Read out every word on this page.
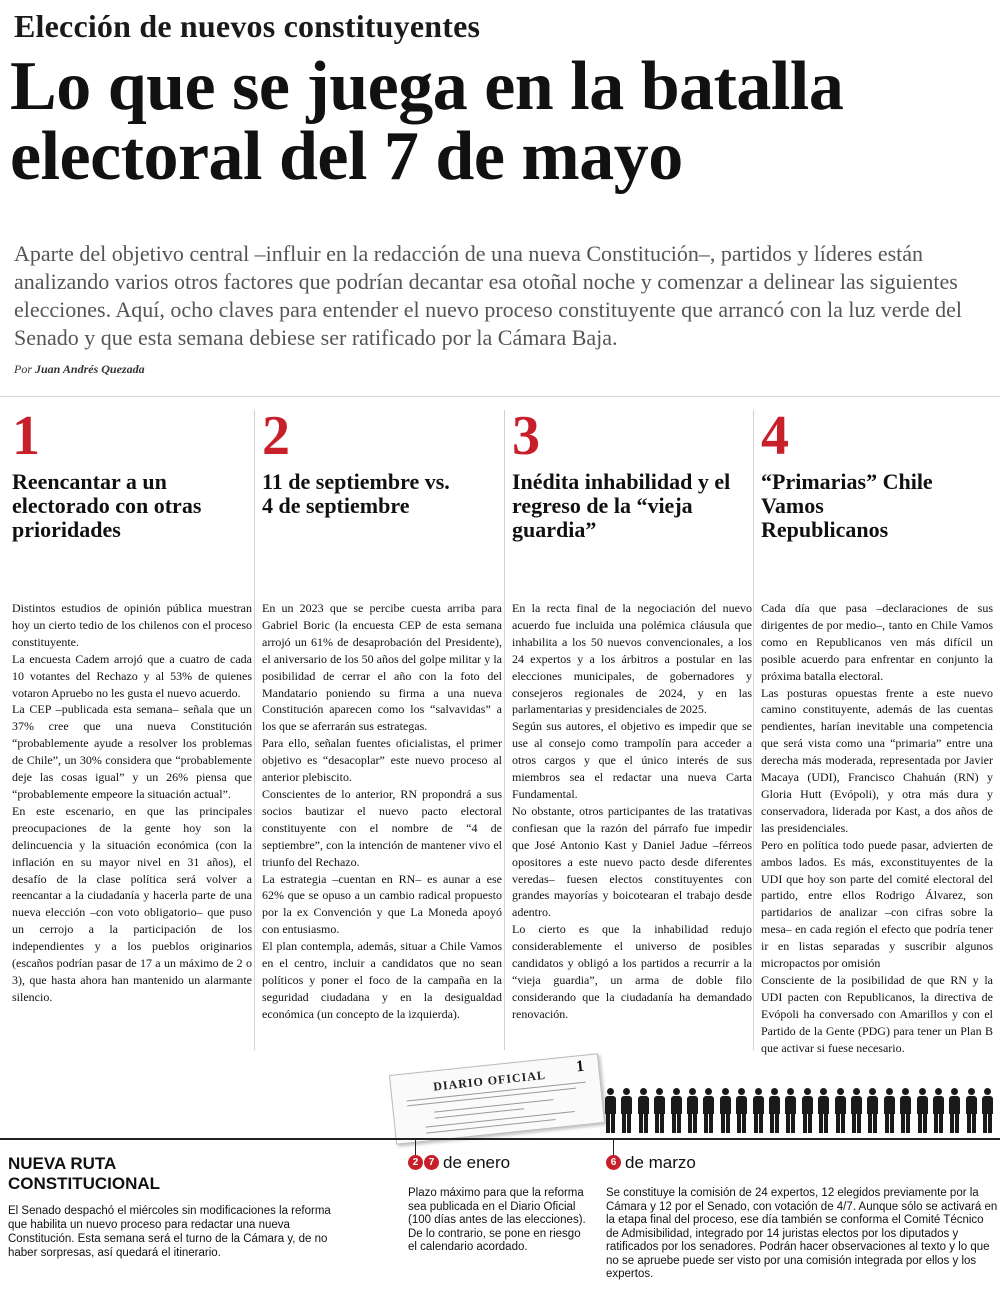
Elección de nuevos constituyentes
Lo que se juega en la batalla electoral del 7 de mayo

Aparte del objetivo central –influir en la redacción de una nueva Constitución–, partidos y líderes están analizando varios otros factores que podrían decantar esa otoñal noche y comenzar a delinear las siguientes elecciones. Aquí, ocho claves para entender el nuevo proceso constituyente que arrancó con la luz verde del Senado y que esta semana debiese ser ratificado por la Cámara Baja.

Por Juan Andrés Quezada
1
Reencantar a un electorado con otras prioridades

Distintos estudios de opinión pública muestran hoy un cierto tedio de los chilenos con el proceso constituyente.

La encuesta Cadem arrojó que a cuatro de cada 10 votantes del Rechazo y al 53% de quienes votaron Apruebo no les gusta el nuevo acuerdo.

La CEP –publicada esta semana– señala que un 37% cree que una nueva Constitución “probablemente ayude a resolver los problemas de Chile”, un 30% considera que “probablemente deje las cosas igual” y un 26% piensa que “probablemente empeore la situación actual”.

En este escenario, en que las principales preocupaciones de la gente hoy son la delincuencia y la situación económica (con la inflación en su mayor nivel en 31 años), el desafío de la clase política será volver a reencantar a la ciudadanía y hacerla parte de una nueva elección –con voto obligatorio– que puso un cerrojo a la participación de los independientes y a los pueblos originarios (escaños podrían pasar de 17 a un máximo de 2 o 3), que hasta ahora han mantenido un alarmante silencio.

2
11 de septiembre vs. 4 de septiembre

En un 2023 que se percibe cuesta arriba para Gabriel Boric (la encuesta CEP de esta semana arrojó un 61% de desaprobación del Presidente), el aniversario de los 50 años del golpe militar y la posibilidad de cerrar el año con la foto del Mandatario poniendo su firma a una nueva Constitución aparecen como los “salvavidas” a los que se aferrarán sus estrategas.

Para ello, señalan fuentes oficialistas, el primer objetivo es “desacoplar” este nuevo proceso al anterior plebiscito.

Conscientes de lo anterior, RN propondrá a sus socios bautizar el nuevo pacto electoral constituyente con el nombre de “4 de septiembre”, con la intención de mantener vivo el triunfo del Rechazo.

La estrategia –cuentan en RN– es aunar a ese 62% que se opuso a un cambio radical propuesto por la ex Convención y que La Moneda apoyó con entusiasmo.

El plan contempla, además, situar a Chile Vamos en el centro, incluir a candidatos que no sean políticos y poner el foco de la campaña en la seguridad ciudadana y en la desigualdad económica (un concepto de la izquierda).

3
Inédita inhabilidad y el regreso de la “vieja guardia”

En la recta final de la negociación del nuevo acuerdo fue incluida una polémica cláusula que inhabilita a los 50 nuevos convencionales, a los 24 expertos y a los árbitros a postular en las elecciones municipales, de gobernadores y consejeros regionales de 2024, y en las parlamentarias y presidenciales de 2025.

Según sus autores, el objetivo es impedir que se use al consejo como trampolín para acceder a otros cargos y que el único interés de sus miembros sea el redactar una nueva Carta Fundamental.

No obstante, otros participantes de las tratativas confiesan que la razón del párrafo fue impedir que José Antonio Kast y Daniel Jadue –férreos opositores a este nuevo pacto desde diferentes veredas– fuesen electos constituyentes con grandes mayorías y boicotearan el trabajo desde adentro.

Lo cierto es que la inhabilidad redujo considerablemente el universo de posibles candidatos y obligó a los partidos a recurrir a la “vieja guardia”, un arma de doble filo considerando que la ciudadanía ha demandado renovación.

4
“Primarias” Chile Vamos Republicanos

Cada día que pasa –declaraciones de sus dirigentes de por medio–, tanto en Chile Vamos como en Republicanos ven más difícil un posible acuerdo para enfrentar en conjunto la próxima batalla electoral.

Las posturas opuestas frente a este nuevo camino constituyente, además de las cuentas pendientes, harían inevitable una competencia que será vista como una “primaria” entre una derecha más moderada, representada por Javier Macaya (UDI), Francisco Chahuán (RN) y Gloria Hutt (Evópoli), y otra más dura y conservadora, liderada por Kast, a dos años de las presidenciales.

Pero en política todo puede pasar, advierten de ambos lados. Es más, exconstituyentes de la UDI que hoy son parte del comité electoral del partido, entre ellos Rodrigo Álvarez, son partidarios de analizar –con cifras sobre la mesa– en cada región el efecto que podría tener ir en listas separadas y suscribir algunos micropactos por omisión

Consciente de la posibilidad de que RN y la UDI pacten con Republicanos, la directiva de Evópoli ha conversado con Amarillos y con el Partido de la Gente (PDG) para tener un Plan B que activar si fuese necesario.

DIARIO OFICIAL
1
NUEVA RUTA CONSTITUCIONAL
El Senado despachó el miércoles sin modificaciones la reforma que habilita un nuevo proceso para redactar una nueva Constitución. Esta semana será el turno de la Cámara y, de no haber sorpresas, así quedará el itinerario.
2 7 de enero
Plazo máximo para que la reforma sea publicada en el Diario Oficial (100 días antes de las elecciones). De lo contrario, se pone en riesgo el calendario acordado.
6 de marzo
Se constituye la comisión de 24 expertos, 12 elegidos previamente por la Cámara y 12 por el Senado, con votación de 4/7. Aunque sólo se activará en la etapa final del proceso, ese día también se conforma el Comité Técnico de Admisibilidad, integrado por 14 juristas electos por los diputados y ratificados por los senadores. Podrán hacer observaciones al texto y lo que no se apruebe puede ser visto por una comisión integrada por ellos y los expertos.
